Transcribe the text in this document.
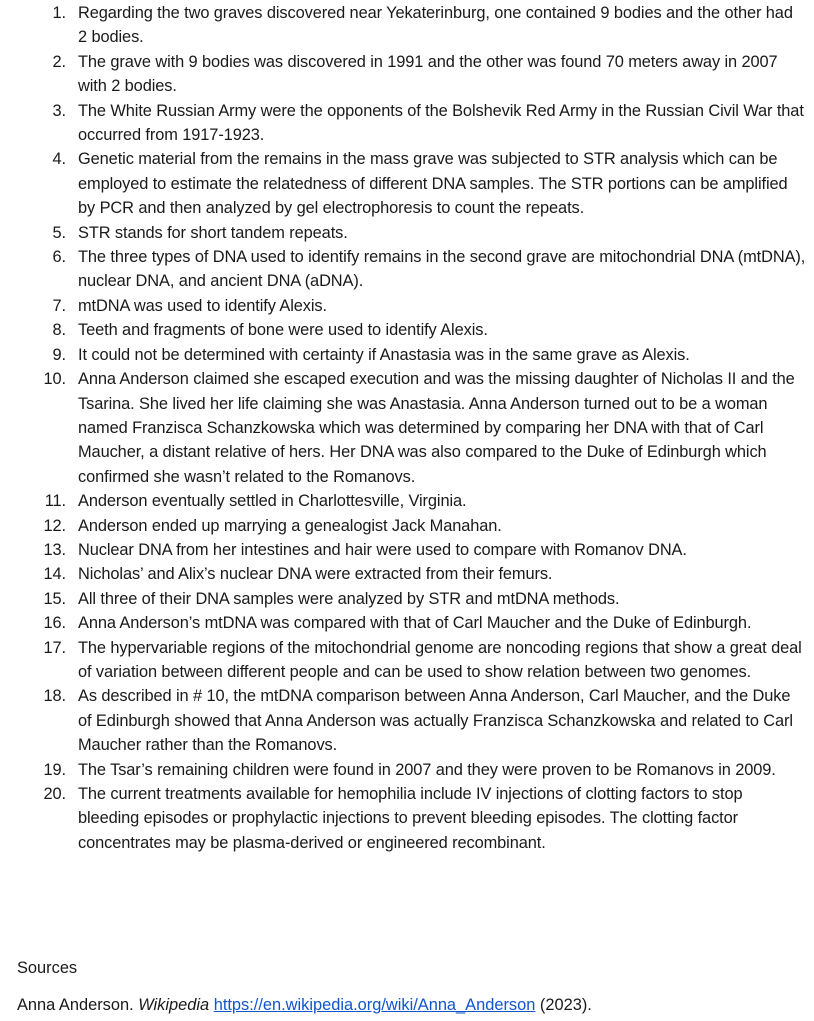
1. Regarding the two graves discovered near Yekaterinburg, one contained 9 bodies and the other had 2 bodies.
2. The grave with 9 bodies was discovered in 1991 and the other was found 70 meters away in 2007 with 2 bodies.
3. The White Russian Army were the opponents of the Bolshevik Red Army in the Russian Civil War that occurred from 1917-1923.
4. Genetic material from the remains in the mass grave was subjected to STR analysis which can be employed to estimate the relatedness of different DNA samples. The STR portions can be amplified by PCR and then analyzed by gel electrophoresis to count the repeats.
5. STR stands for short tandem repeats.
6. The three types of DNA used to identify remains in the second grave are mitochondrial DNA (mtDNA), nuclear DNA, and ancient DNA (aDNA).
7. mtDNA was used to identify Alexis.
8. Teeth and fragments of bone were used to identify Alexis.
9. It could not be determined with certainty if Anastasia was in the same grave as Alexis.
10. Anna Anderson claimed she escaped execution and was the missing daughter of Nicholas II and the Tsarina. She lived her life claiming she was Anastasia. Anna Anderson turned out to be a woman named Franzisca Schanzkowska which was determined by comparing her DNA with that of Carl Maucher, a distant relative of hers. Her DNA was also compared to the Duke of Edinburgh which confirmed she wasn’t related to the Romanovs.
11. Anderson eventually settled in Charlottesville, Virginia.
12. Anderson ended up marrying a genealogist Jack Manahan.
13. Nuclear DNA from her intestines and hair were used to compare with Romanov DNA.
14. Nicholas’ and Alix’s nuclear DNA were extracted from their femurs.
15. All three of their DNA samples were analyzed by STR and mtDNA methods.
16. Anna Anderson’s mtDNA was compared with that of Carl Maucher and the Duke of Edinburgh.
17. The hypervariable regions of the mitochondrial genome are noncoding regions that show a great deal of variation between different people and can be used to show relation between two genomes.
18. As described in # 10, the mtDNA comparison between Anna Anderson, Carl Maucher, and the Duke of Edinburgh showed that Anna Anderson was actually Franzisca Schanzkowska and related to Carl Maucher rather than the Romanovs.
19. The Tsar’s remaining children were found in 2007 and they were proven to be Romanovs in 2009.
20. The current treatments available for hemophilia include IV injections of clotting factors to stop bleeding episodes or prophylactic injections to prevent bleeding episodes. The clotting factor concentrates may be plasma-derived or engineered recombinant.
Sources
Anna Anderson. Wikipedia https://en.wikipedia.org/wiki/Anna_Anderson (2023).
